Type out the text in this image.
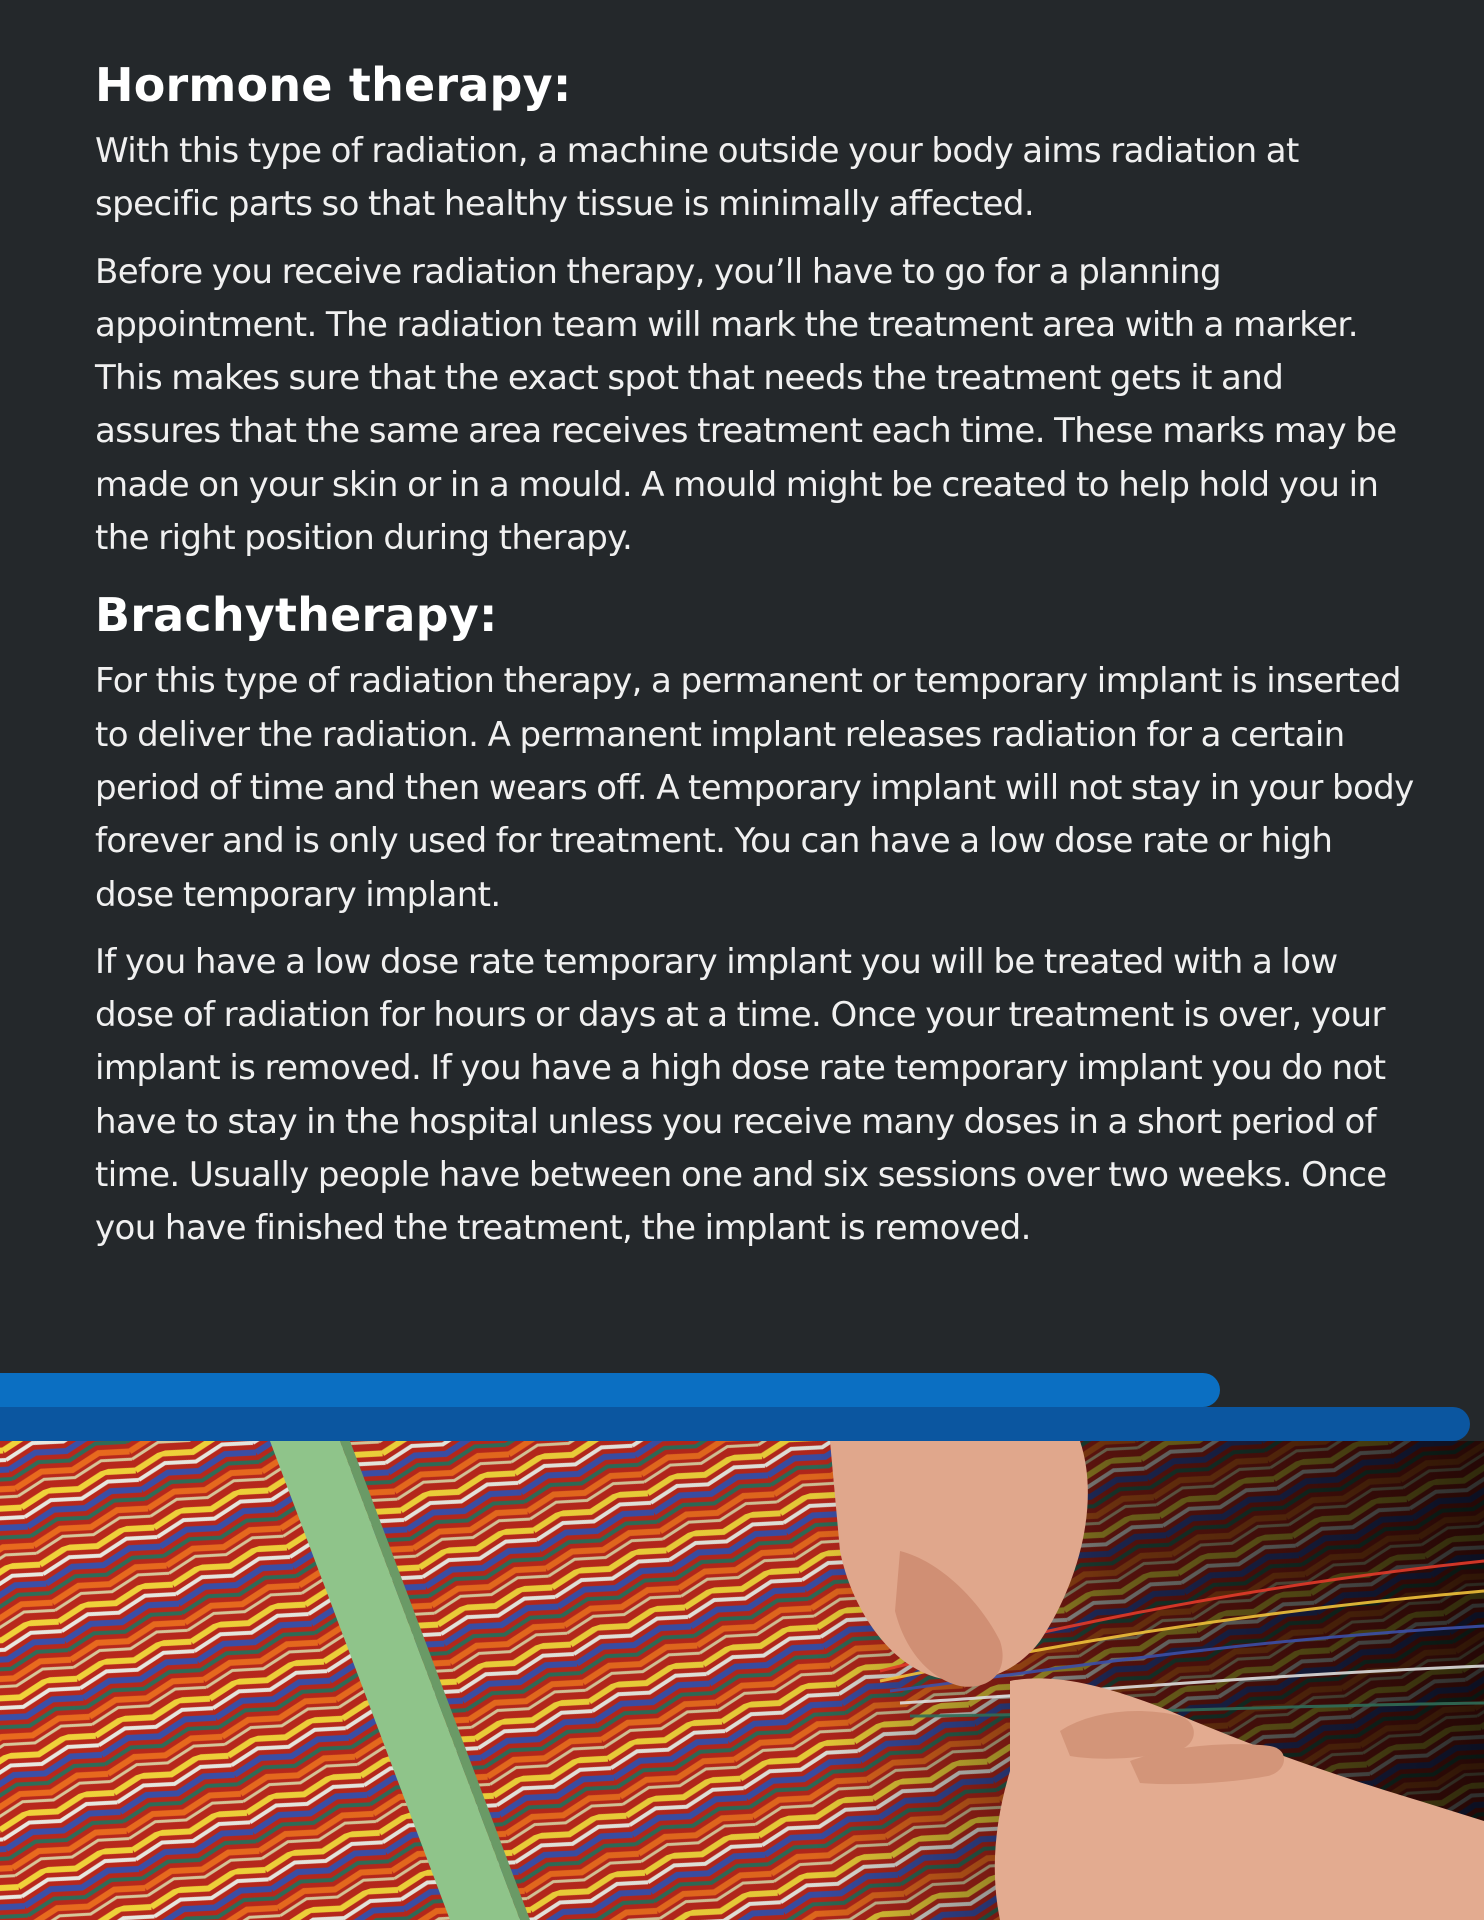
Hormone therapy:

With this type of radiation, a machine outside your body aims radiation at specific parts so that healthy tissue is minimally affected.

Before you receive radiation therapy, you’ll have to go for a planning appointment. The radiation team will mark the treatment area with a marker. This makes sure that the exact spot that needs the treatment gets it and assures that the same area receives treatment each time. These marks may be made on your skin or in a mould. A mould might be created to help hold you in the right position during therapy.

Brachytherapy:

For this type of radiation therapy, a permanent or temporary implant is inserted to deliver the radiation. A permanent implant releases radiation for a certain period of time and then wears off. A temporary implant will not stay in your body forever and is only used for treatment. You can have a low dose rate or high dose temporary implant.

If you have a low dose rate temporary implant you will be treated with a low dose of radiation for hours or days at a time. Once your treatment is over, your implant is removed. If you have a high dose rate temporary implant you do not have to stay in the hospital unless you receive many doses in a short period of time. Usually people have between one and six sessions over two weeks. Once you have finished the treatment, the implant is removed.
